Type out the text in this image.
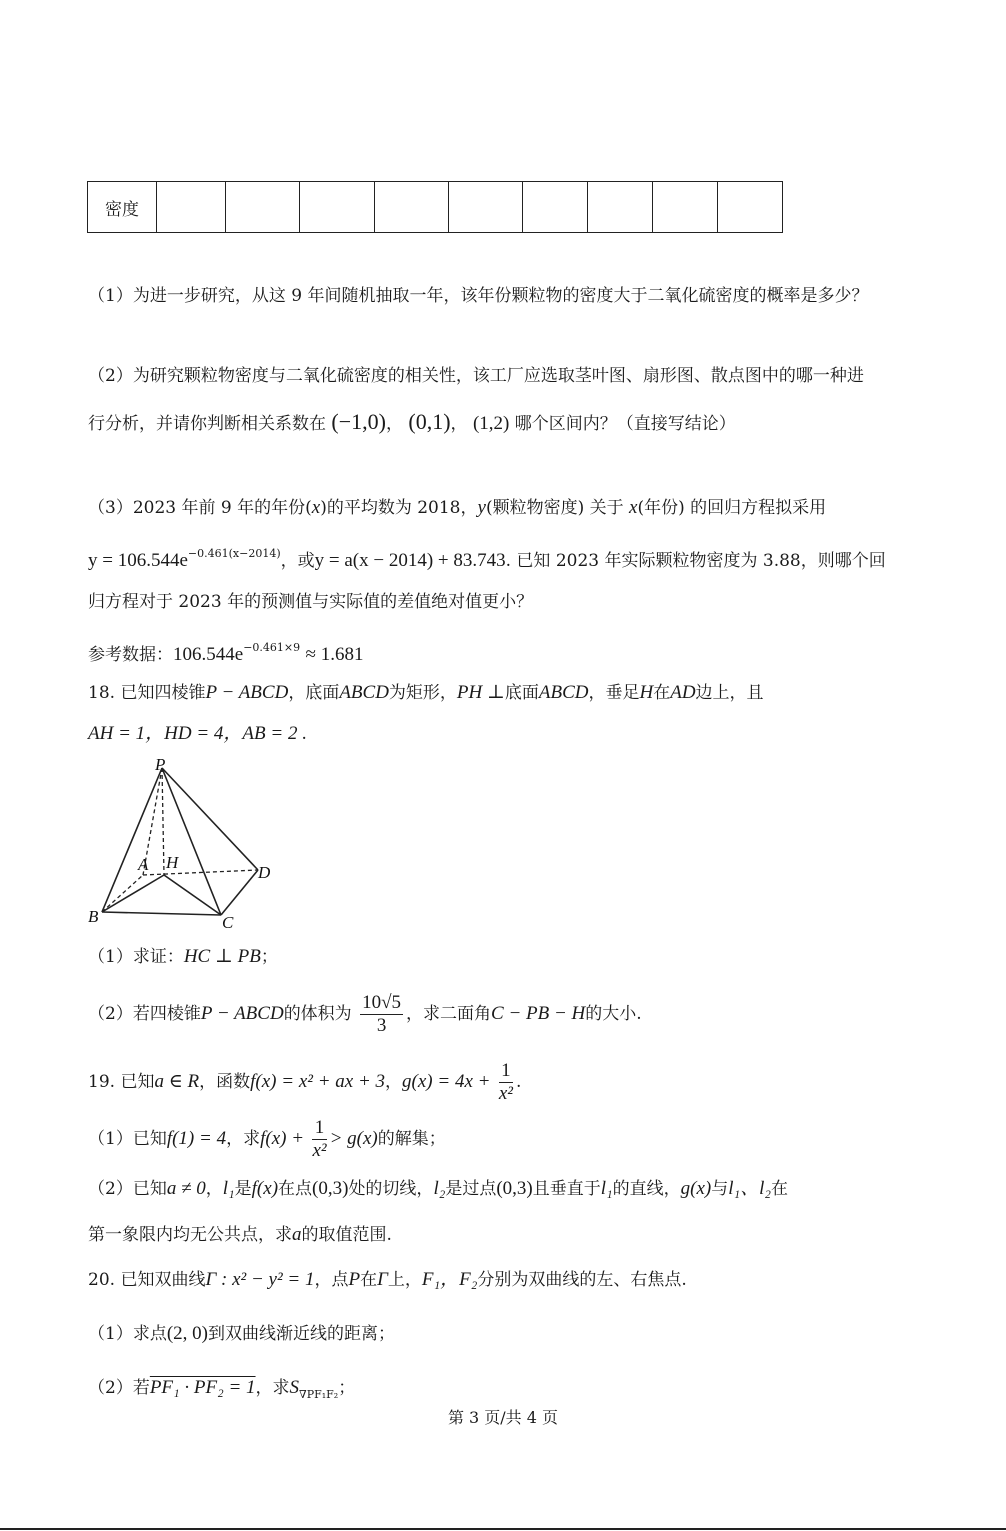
密度									
（1）为进一步研究，从这 9 年间随机抽取一年，该年份颗粒物的密度大于二氧化硫密度的概率是多少？
（2）为研究颗粒物密度与二氧化硫密度的相关性，该工厂应选取茎叶图、扇形图、散点图中的哪一种进
行分析，并请你判断相关系数在 (−1,0)， (0,1)， (1,2) 哪个区间内？（直接写结论）
（3）2023 年前 9 年的年份(x)的平均数为 2018，y(颗粒物密度) 关于 x(年份) 的回归方程拟采用
$y = 106.544e^{-0.461(x-2014)}$，或y = a(x − 2014) + 83.743. 已知 2023 年实际颗粒物密度为 3.88，则哪个回
归方程对于 2023 年的预测值与实际值的差值绝对值更小？
参考数据：$106.544e^{-0.461\times 9} \approx 1.681$
18. 已知四棱锥P − ABCD，底面ABCD为矩形，PH ⊥底面ABCD，垂足H在AD边上，且
AH = 1，HD = 4，AB = 2 .
P
A H
B	C
D
（1）求证：HC ⊥ PB；
（2）若四棱锥P − ABCD的体积为 $\frac{10√5}{3}$ ，求二面角C − PB − H的大小.
19. 已知a ∈ R，函数f(x) = x² + ax + 3，$g(x) = 4x + \frac{1}{\text{x²}}$ .
（1）已知f(1) = 4，求$f(x) + \frac{1}{\text{x²}} > g(x)$的解集；
（2）已知a ≠ 0，l₁是f(x)在点(0,3)处的切线，l₂是过点(0,3)且垂直于l₁的直线，g(x)与l₁、l₂在
第一象限内均无公共点，求a的取值范围.
20. 已知双曲线Γ : x² − y² = 1，点P在Γ上，F₁，F₂分别为双曲线的左、右焦点.
（1）求点(2, 0)到双曲线渐近线的距离；
（2）若PF₁ · PF₂ = 1，求$S_{\nabla PF_1F_2}$；
第 3 页/共 4 页
